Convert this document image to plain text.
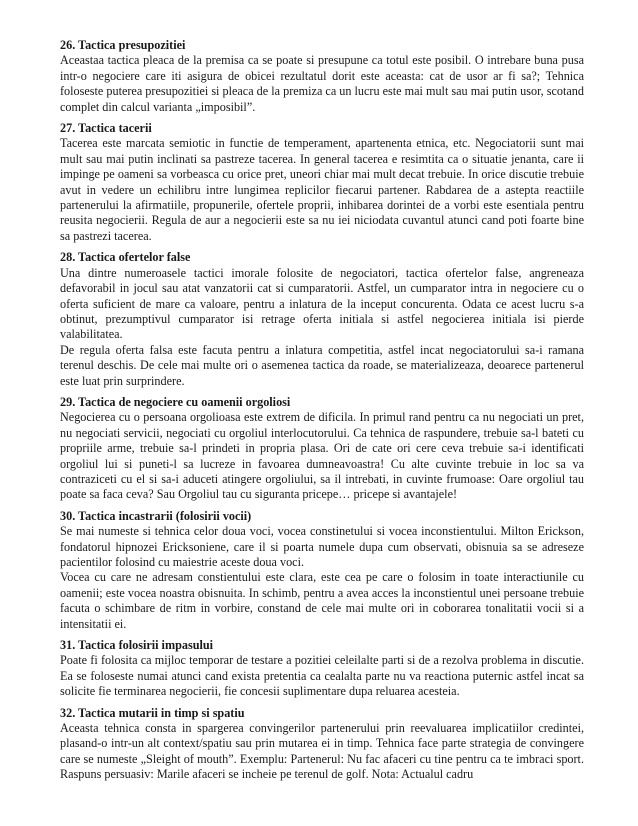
26. Tactica presupozitiei

Aceastaa tactica pleaca de la premisa ca se poate si presupune ca totul este posibil. O intrebare buna pusa intr-o negociere care iti asigura de obicei rezultatul dorit este aceasta: cat de usor ar fi sa?; Tehnica foloseste puterea presupozitiei si pleaca de la premiza ca un lucru este mai mult sau mai putin usor, scotand complet din calcul varianta „imposibil”.

27. Tactica tacerii

Tacerea este marcata semiotic in functie de temperament, apartenenta etnica, etc. Negociatorii sunt mai mult sau mai putin inclinati sa pastreze tacerea. In general tacerea e resimtita ca o situatie jenanta, care ii impinge pe oameni sa vorbeasca cu orice pret, uneori chiar mai mult decat trebuie. In orice discutie trebuie avut in vedere un echilibru intre lungimea replicilor fiecarui partener. Rabdarea de a astepta reactiile partenerului la afirmatiile, propunerile, ofertele proprii, inhibarea dorintei de a vorbi este esentiala pentru reusita negocierii. Regula de aur a negocierii este sa nu iei niciodata cuvantul atunci cand poti foarte bine sa pastrezi tacerea.

28. Tactica ofertelor false

Una dintre numeroasele tactici imorale folosite de negociatori, tactica ofertelor false, angreneaza defavorabil in jocul sau atat vanzatorii cat si cumparatorii. Astfel, un cumparator intra in negociere cu o oferta suficient de mare ca valoare, pentru a inlatura de la inceput concurenta. Odata ce acest lucru s-a obtinut, prezumptivul cumparator isi retrage oferta initiala si astfel negocierea initiala isi pierde valabilitatea.

De regula oferta falsa este facuta pentru a inlatura competitia, astfel incat negociatorului sa-i ramana terenul deschis. De cele mai multe ori o asemenea tactica da roade, se materializeaza, deoarece partenerul este luat prin surprindere.

29. Tactica de negociere cu oamenii orgoliosi

Negocierea cu o persoana orgolioasa este extrem de dificila. In primul rand pentru ca nu negociati un pret, nu negociati servicii, negociati cu orgoliul interlocutorului. Ca tehnica de raspundere, trebuie sa-l bateti cu propriile arme, trebuie sa-l prindeti in propria plasa. Ori de cate ori cere ceva trebuie sa-i identificati orgoliul lui si puneti-l sa lucreze in favoarea dumneavoastra! Cu alte cuvinte trebuie in loc sa va contraziceti cu el si sa-i aduceti atingere orgoliului, sa il intrebati, in cuvinte frumoase: Oare orgoliul tau poate sa faca ceva? Sau Orgoliul tau cu siguranta pricepe… pricepe si avantajele!

30. Tactica incastrarii (folosirii vocii)

Se mai numeste si tehnica celor doua voci, vocea constinetului si vocea inconstientului. Milton Erickson, fondatorul hipnozei Ericksoniene, care il si poarta numele dupa cum observati, obisnuia sa se adreseze pacientilor folosind cu maiestrie aceste doua voci.

Vocea cu care ne adresam constientului este clara, este cea pe care o folosim in toate interactiunile cu oamenii; este vocea noastra obisnuita. In schimb, pentru a avea acces la inconstientul unei persoane trebuie facuta o schimbare de ritm in vorbire, constand de cele mai multe ori in coborarea tonalitatii vocii si a intensitatii ei.

31. Tactica folosirii impasului

Poate fi folosita ca mijloc temporar de testare a pozitiei celeilalte parti si de a rezolva problema in discutie. Ea se foloseste numai atunci cand exista pretentia ca cealalta parte nu va reactiona puternic astfel incat sa solicite fie terminarea negocierii, fie concesii suplimentare dupa reluarea acesteia.

32. Tactica mutarii in timp si spatiu

Aceasta tehnica consta in spargerea convingerilor partenerului prin reevaluarea implicatiilor credintei, plasand-o intr-un alt context/spatiu sau prin mutarea ei in timp. Tehnica face parte strategia de convingere care se numeste „Sleight of mouth”. Exemplu: Partenerul: Nu fac afaceri cu tine pentru ca te imbraci sport. Raspuns persuasiv: Marile afaceri se incheie pe terenul de golf. Nota: Actualul cadru
